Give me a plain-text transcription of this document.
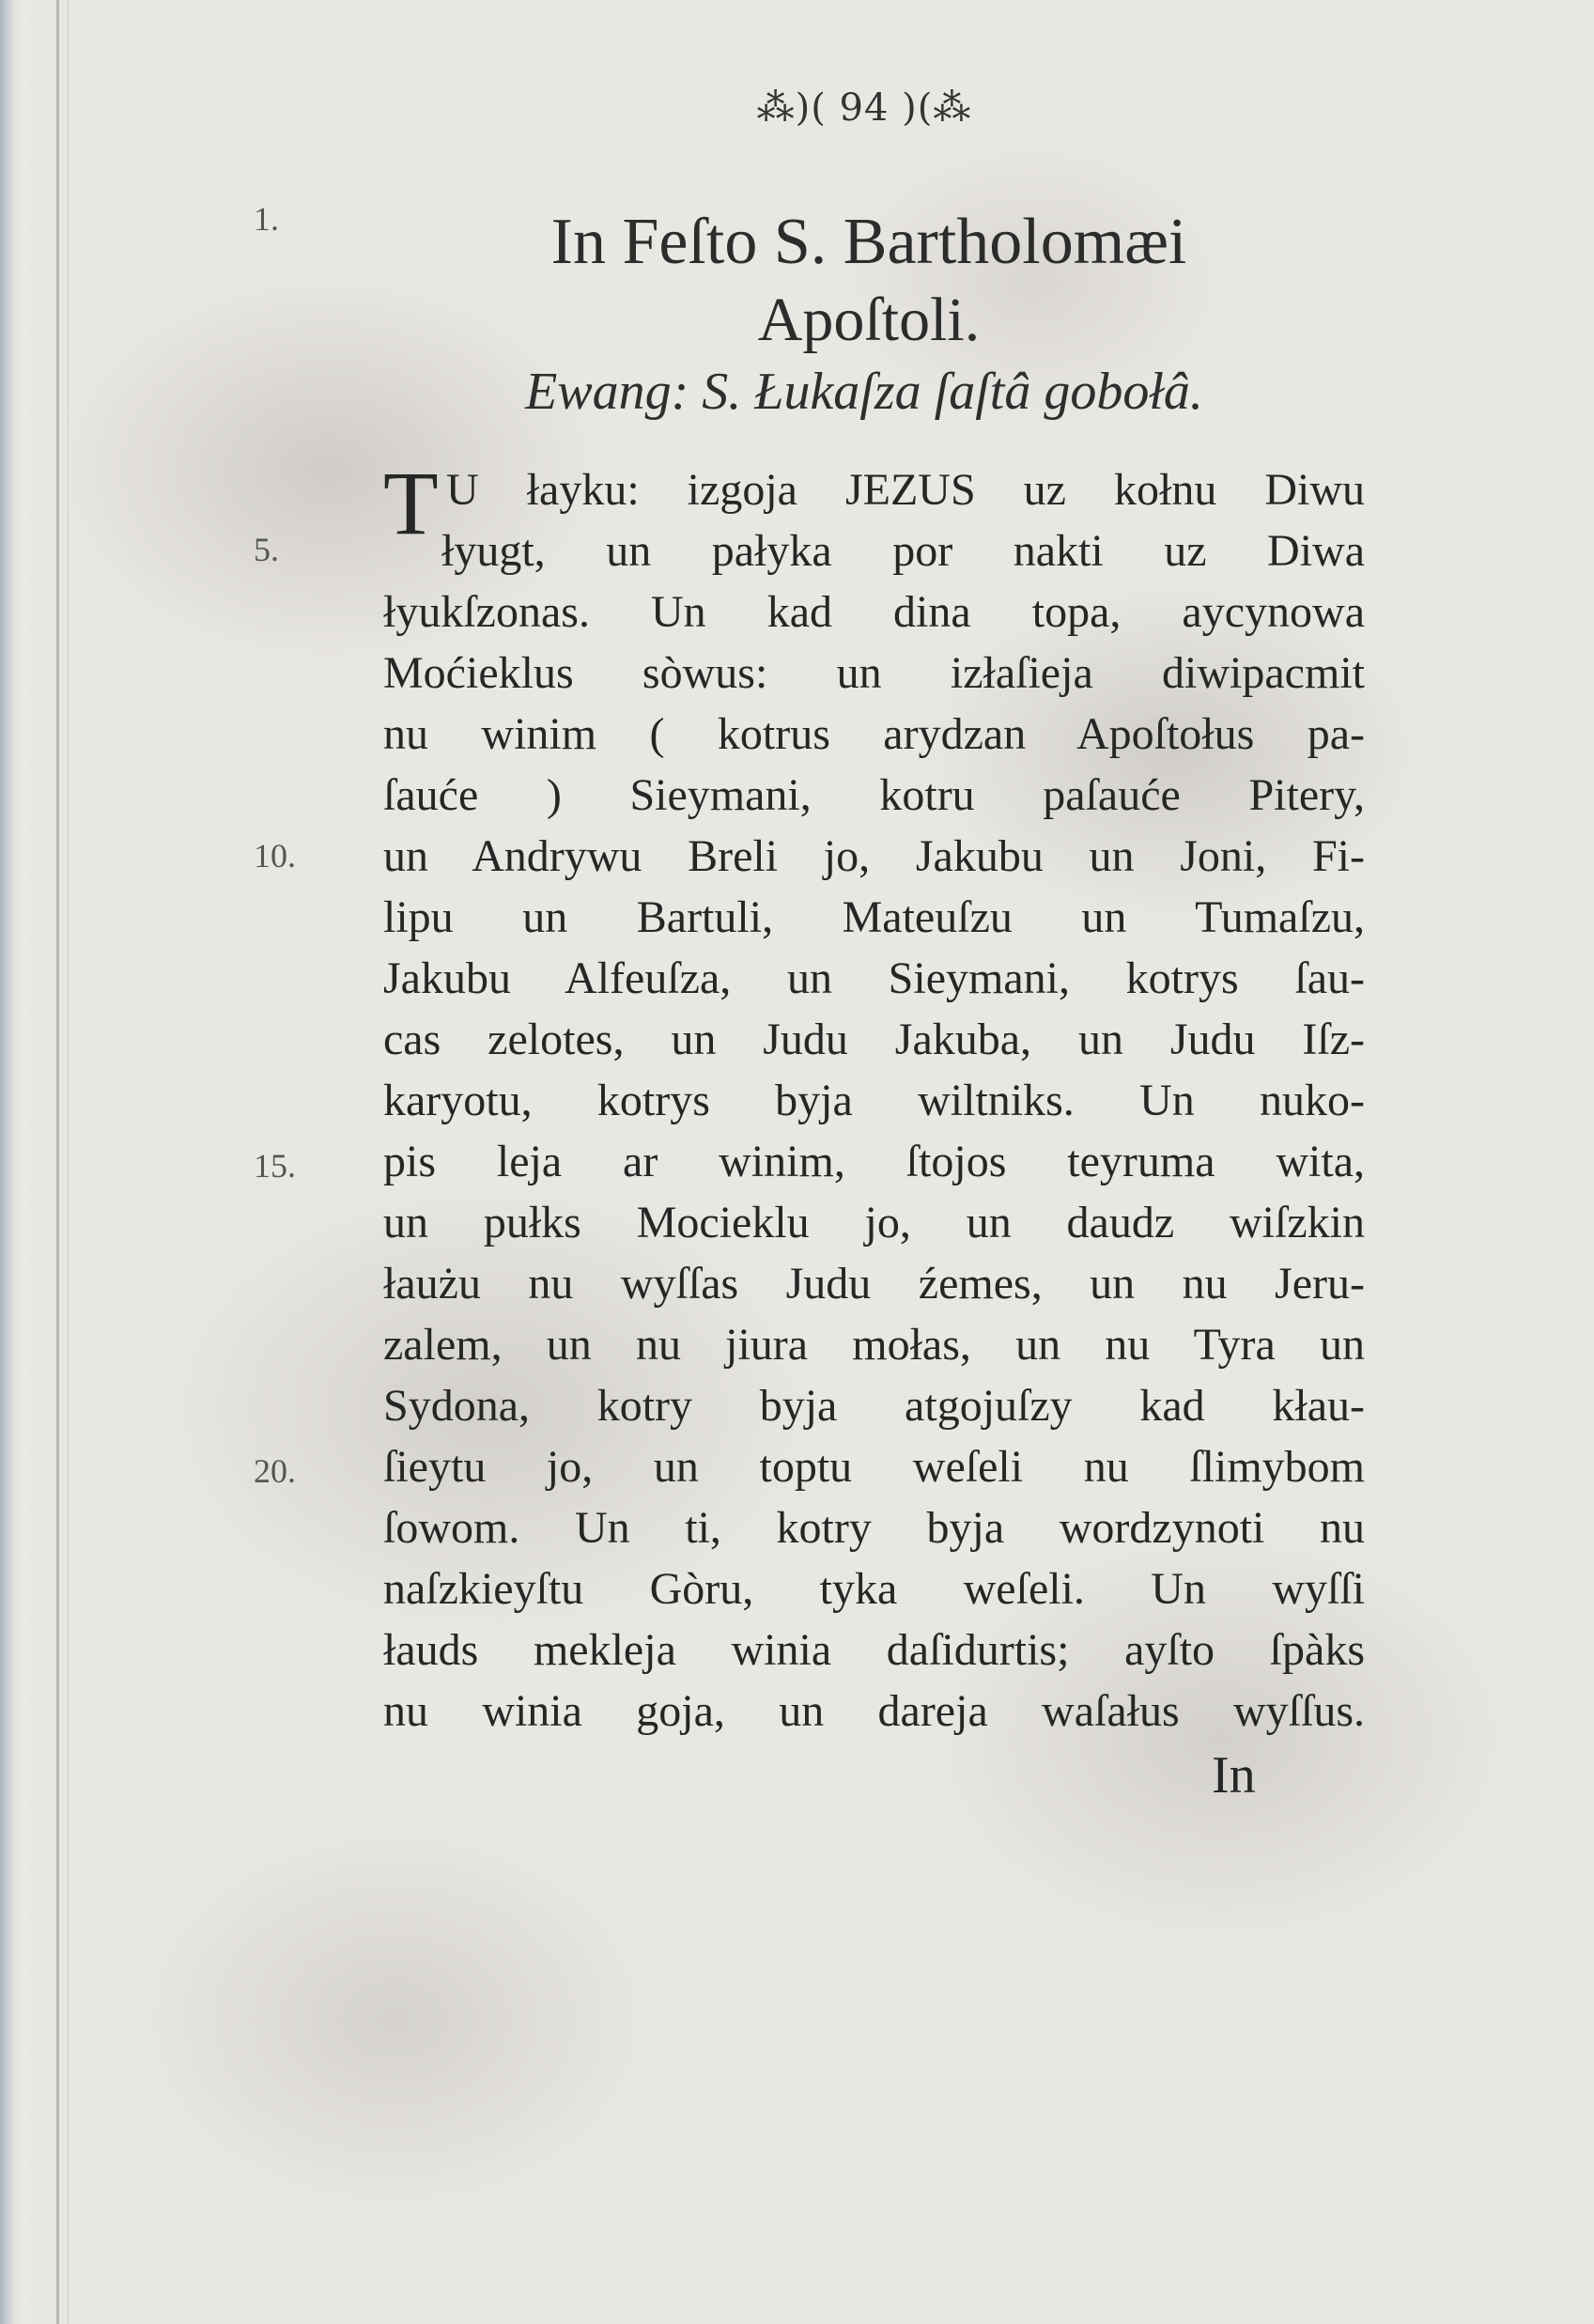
⁂)( 94 )(⁂
In Feſto S. Bartholomæi
Apoſtoli.
Ewang: S. Łukaſza ſaſtâ gobołâ.
1.
5.
10.
15.
20.
T U łayku: izgoja JEZUS uz kołnu Diwu
łyugt, un pałyka por nakti uz Diwa
łyukſzonas. Un kad dina topa, aycynowa
Moćieklus sòwus: un izłaſieja diwipacmit
nu winim ( kotrus arydzan Apoſtołus pa-
ſauće ) Sieymani, kotru paſauće Pitery,
un Andrywu Breli jo, Jakubu un Joni, Fi-
lipu un Bartuli, Mateuſzu un Tumaſzu,
Jakubu Alfeuſza, un Sieymani, kotrys ſau-
cas zelotes, un Judu Jakuba, un Judu Iſz-
karyotu, kotrys byja wiltniks. Un nuko-
pis leja ar winim, ſtojos teyruma wita,
un pułks Mocieklu jo, un daudz wiſzkin
łaużu nu wyſſas Judu źemes, un nu Jeru-
zalem, un nu jiura mołas, un nu Tyra un
Sydona, kotry byja atgojuſzy kad kłau-
ſieytu jo, un toptu weſeli nu ſlimybom
ſowom. Un ti, kotry byja wordzynoti nu
naſzkieyſtu Gòru, tyka weſeli. Un wyſſi
łauds mekleja winia daſidurtis; ayſto ſpàks
nu winia goja, un dareja waſałus wyſſus.
In
